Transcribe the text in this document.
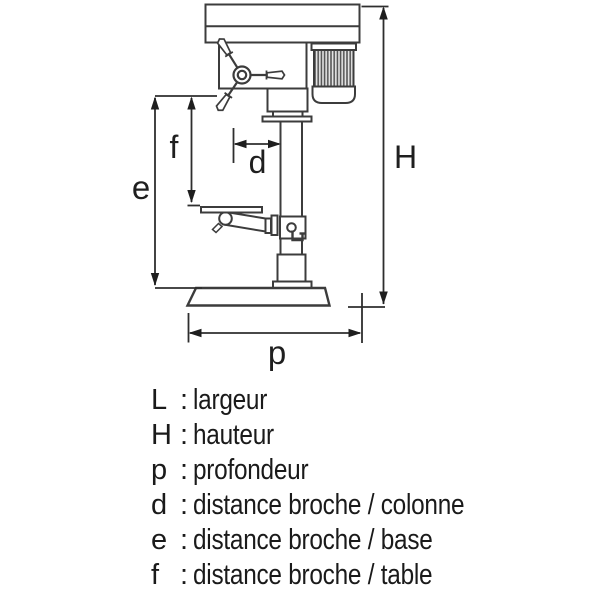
H
e
f d
p
L : largeur
H : hauteur
p : profondeur
d : distance broche / colonne
e : distance broche / base
f : distance broche / table
